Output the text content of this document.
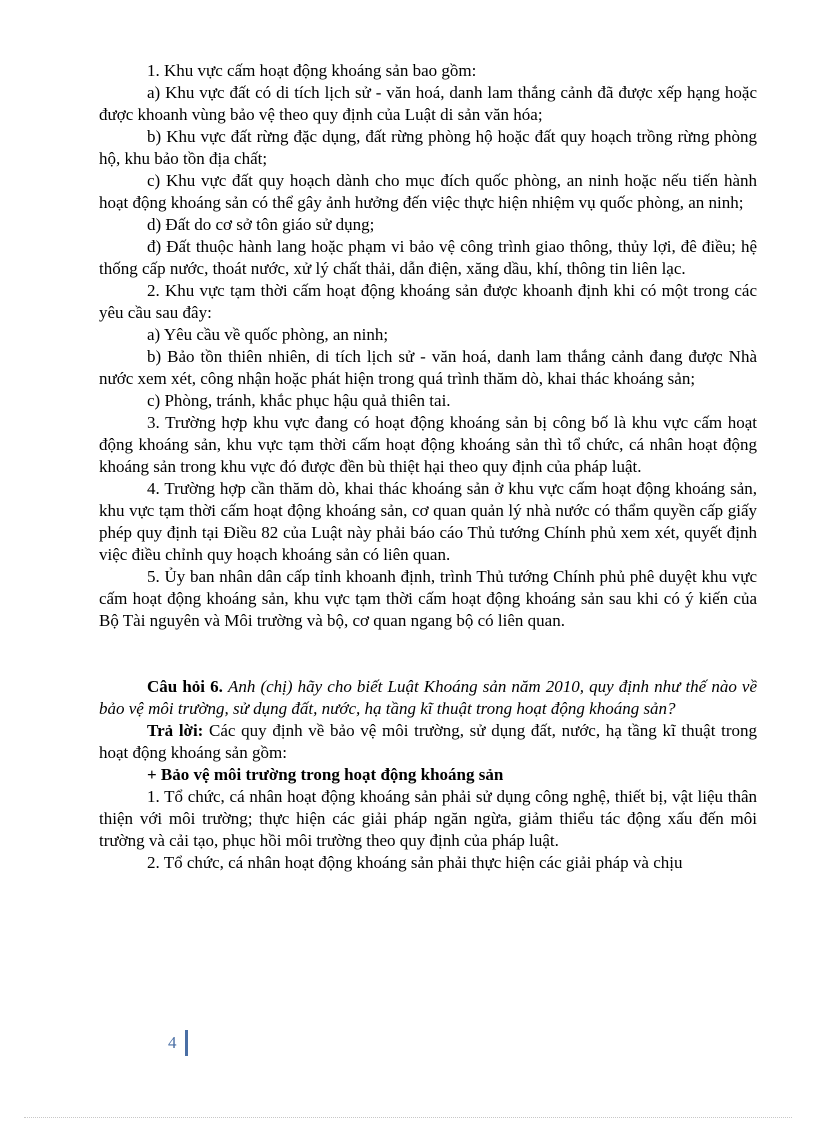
1. Khu vực cấm hoạt động khoáng sản bao gồm:

a) Khu vực đất có di tích lịch sử - văn hoá, danh lam thắng cảnh đã được xếp hạng hoặc được khoanh vùng bảo vệ theo quy định của Luật di sản văn hóa;

b) Khu vực đất rừng đặc dụng, đất rừng phòng hộ hoặc đất quy hoạch trồng rừng phòng hộ, khu bảo tồn địa chất;

c) Khu vực đất quy hoạch dành cho mục đích quốc phòng, an ninh hoặc nếu tiến hành hoạt động khoáng sản có thể gây ảnh hưởng đến việc thực hiện nhiệm vụ quốc phòng, an ninh;

d) Đất do cơ sở tôn giáo sử dụng;

đ) Đất thuộc hành lang hoặc phạm vi bảo vệ công trình giao thông, thủy lợi, đê điều; hệ thống cấp nước, thoát nước, xử lý chất thải, dẫn điện, xăng dầu, khí, thông tin liên lạc.

2. Khu vực tạm thời cấm hoạt động khoáng sản được khoanh định khi có một trong các yêu cầu sau đây:

a) Yêu cầu về quốc phòng, an ninh;

b) Bảo tồn thiên nhiên, di tích lịch sử - văn hoá, danh lam thắng cảnh đang được Nhà nước xem xét, công nhận hoặc phát hiện trong quá trình thăm dò, khai thác khoáng sản;

c) Phòng, tránh, khắc phục hậu quả thiên tai.

3. Trường hợp khu vực đang có hoạt động khoáng sản bị công bố là khu vực cấm hoạt động khoáng sản, khu vực tạm thời cấm hoạt động khoáng sản thì tổ chức, cá nhân hoạt động khoáng sản trong khu vực đó được đền bù thiệt hại theo quy định của pháp luật.

4. Trường hợp cần thăm dò, khai thác khoáng sản ở khu vực cấm hoạt động khoáng sản, khu vực tạm thời cấm hoạt động khoáng sản, cơ quan quản lý nhà nước có thẩm quyền cấp giấy phép quy định tại Điều 82 của Luật này phải báo cáo Thủ tướng Chính phủ xem xét, quyết định việc điều chỉnh quy hoạch khoáng sản có liên quan.

5. Ủy ban nhân dân cấp tỉnh khoanh định, trình Thủ tướng Chính phủ phê duyệt khu vực cấm hoạt động khoáng sản, khu vực tạm thời cấm hoạt động khoáng sản sau khi có ý kiến của Bộ Tài nguyên và Môi trường và bộ, cơ quan ngang bộ có liên quan.

Câu hỏi 6. Anh (chị) hãy cho biết Luật Khoáng sản năm 2010, quy định như thế nào về bảo vệ môi trường, sử dụng đất, nước, hạ tầng kĩ thuật trong hoạt động khoáng sản?

Trả lời: Các quy định về bảo vệ môi trường, sử dụng đất, nước, hạ tầng kĩ thuật trong hoạt động khoáng sản gồm:

+ Bảo vệ môi trường trong hoạt động khoáng sản

1. Tổ chức, cá nhân hoạt động khoáng sản phải sử dụng công nghệ, thiết bị, vật liệu thân thiện với môi trường; thực hiện các giải pháp ngăn ngừa, giảm thiểu tác động xấu đến môi trường và cải tạo, phục hồi môi trường theo quy định của pháp luật.

2. Tổ chức, cá nhân hoạt động khoáng sản phải thực hiện các giải pháp và chịu

4
